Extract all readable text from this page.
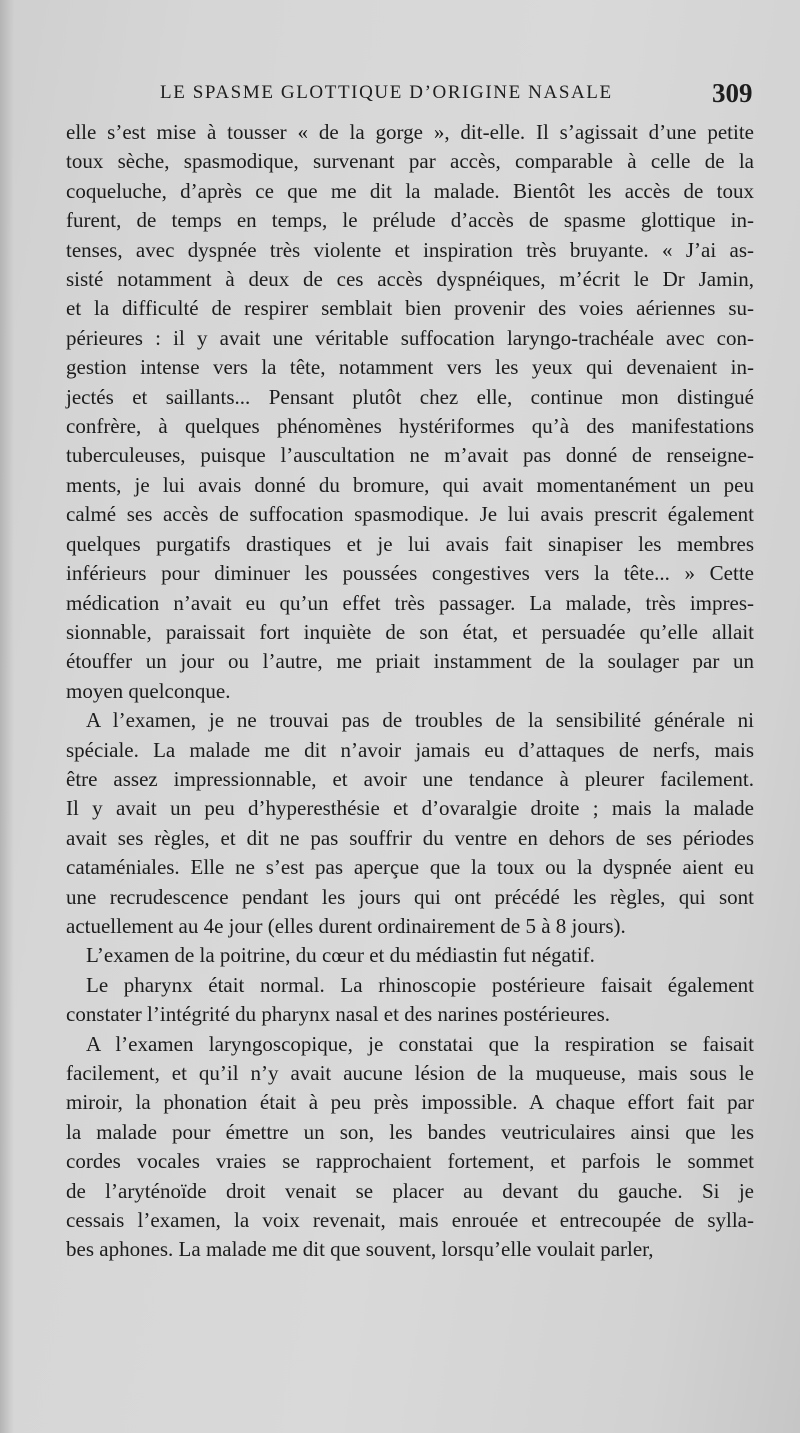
LE SPASME GLOTTIQUE D’ORIGINE NASALE	309
elle s’est mise à tousser « de la gorge », dit-elle. Il s’agissait d’une petite
toux sèche, spasmodique, survenant par accès, comparable à celle de la
coqueluche, d’après ce que me dit la malade. Bientôt les accès de toux
furent, de temps en temps, le prélude d’accès de spasme glottique in-
tenses, avec dyspnée très violente et inspiration très bruyante. « J’ai as-
sisté notamment à deux de ces accès dyspnéiques, m’écrit le Dr Jamin,
et la difficulté de respirer semblait bien provenir des voies aériennes su-
périeures : il y avait une véritable suffocation laryngo-trachéale avec con-
gestion intense vers la tête, notamment vers les yeux qui devenaient in-
jectés et saillants... Pensant plutôt chez elle, continue mon distingué
confrère, à quelques phénomènes hystériformes qu’à des manifestations
tuberculeuses, puisque l’auscultation ne m’avait pas donné de renseigne-
ments, je lui avais donné du bromure, qui avait momentanément un peu
calmé ses accès de suffocation spasmodique. Je lui avais prescrit également
quelques purgatifs drastiques et je lui avais fait sinapiser les membres
inférieurs pour diminuer les poussées congestives vers la tête... » Cette
médication n’avait eu qu’un effet très passager. La malade, très impres-
sionnable, paraissait fort inquiète de son état, et persuadée qu’elle allait
étouffer un jour ou l’autre, me priait instamment de la soulager par un
moyen quelconque.
A l’examen, je ne trouvai pas de troubles de la sensibilité générale ni
spéciale. La malade me dit n’avoir jamais eu d’attaques de nerfs, mais
être assez impressionnable, et avoir une tendance à pleurer facilement.
Il y avait un peu d’hyperesthésie et d’ovaralgie droite ; mais la malade
avait ses règles, et dit ne pas souffrir du ventre en dehors de ses périodes
cataméniales. Elle ne s’est pas aperçue que la toux ou la dyspnée aient eu
une recrudescence pendant les jours qui ont précédé les règles, qui sont
actuellement au 4e jour (elles durent ordinairement de 5 à 8 jours).
L’examen de la poitrine, du cœur et du médiastin fut négatif.
Le pharynx était normal. La rhinoscopie postérieure faisait également
constater l’intégrité du pharynx nasal et des narines postérieures.
A l’examen laryngoscopique, je constatai que la respiration se faisait
facilement, et qu’il n’y avait aucune lésion de la muqueuse, mais sous le
miroir, la phonation était à peu près impossible. A chaque effort fait par
la malade pour émettre un son, les bandes veutriculaires ainsi que les
cordes vocales vraies se rapprochaient fortement, et parfois le sommet
de l’aryténoïde droit venait se placer au devant du gauche. Si je
cessais l’examen, la voix revenait, mais enrouée et entrecoupée de sylla-
bes aphones. La malade me dit que souvent, lorsqu’elle voulait parler,
